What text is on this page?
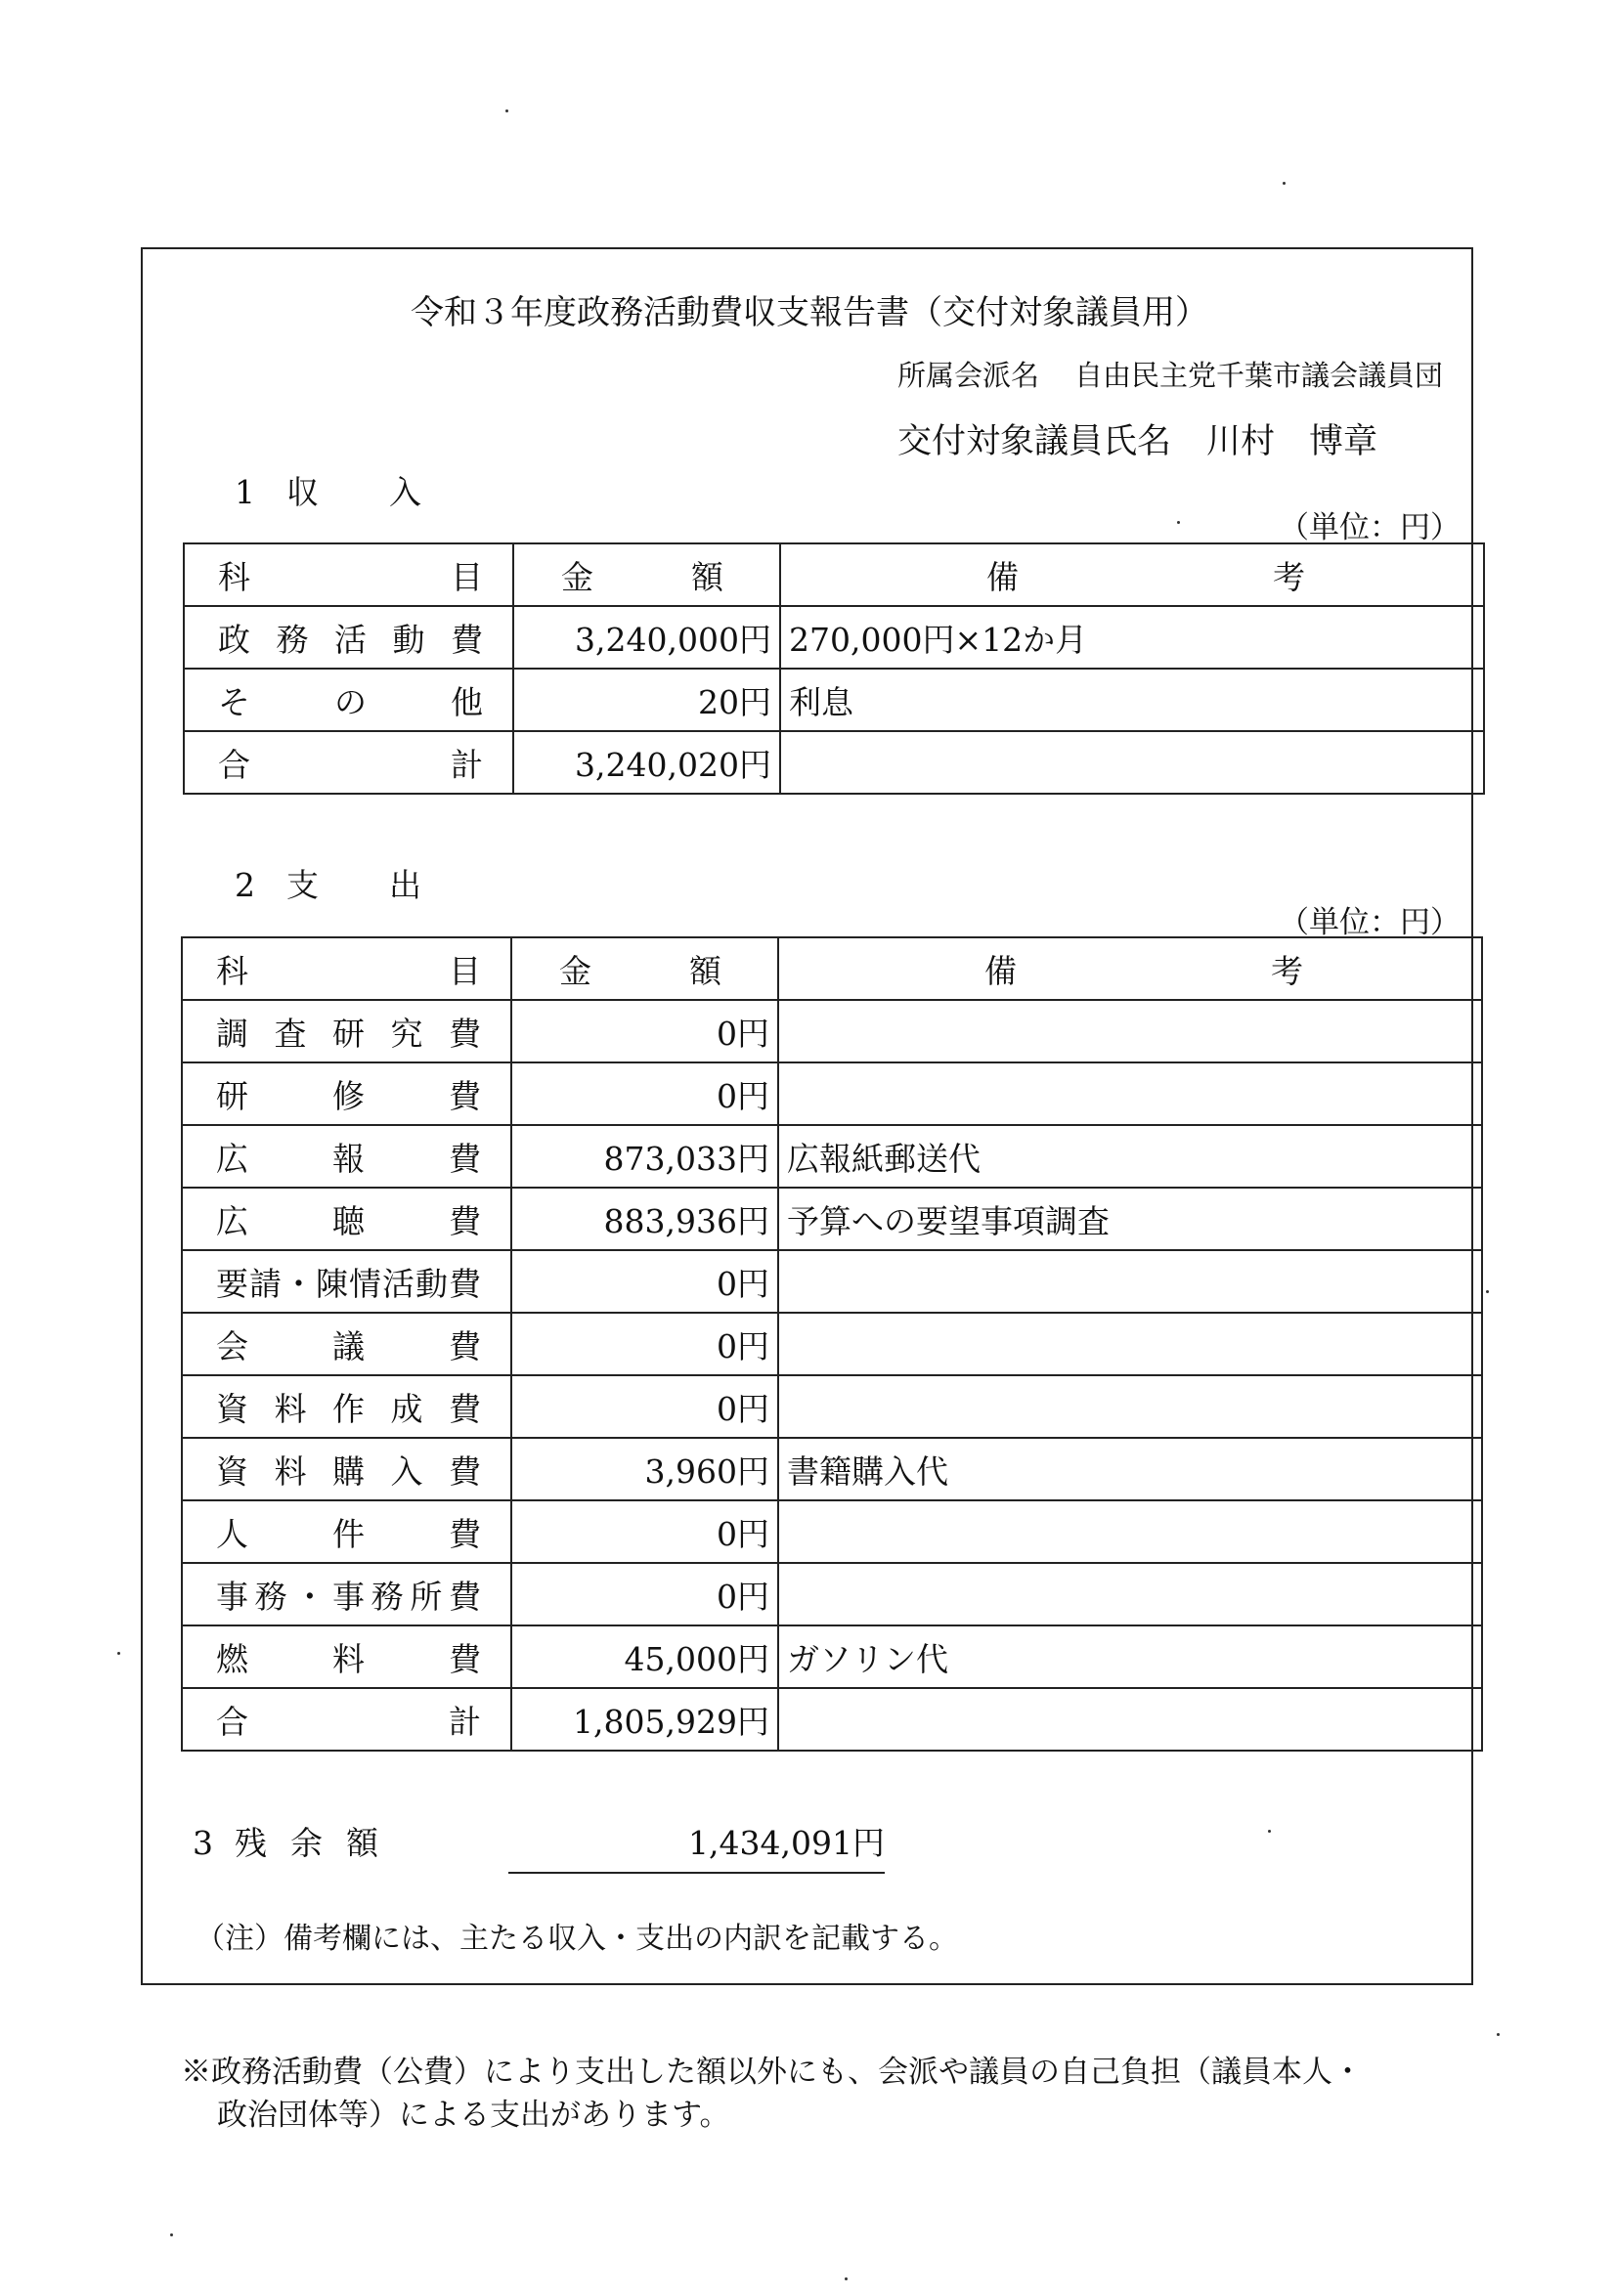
令和３年度政務活動費収支報告書（交付対象議員用）
所属会派名 自由民主党千葉市議会議員団
交付対象議員氏名 川村　博章
1 収　　入
（単位：円）
科目	金 額	備 考
政務活動費	3,240,000円	270,000円×12か月
その他	20円	利息
合計	3,240,020円	
2 支　　出
（単位：円）
科目	金 額	備 考
調査研究費	0円	
研修費	0円	
広報費	873,033円	広報紙郵送代
広聴費	883,936円	予算への要望事項調査
要請・陳情活動費	0円	
会議費	0円	
資料作成費	0円	
資料購入費	3,960円	書籍購入代
人件費	0円	
事務・事務所費	0円	
燃料費	45,000円	ガソリン代
合計	1,805,929円	
3 残余額	1,434,091円
（注）備考欄には、主たる収入・支出の内訳を記載する。
※政務活動費（公費）により支出した額以外にも、会派や議員の自己負担（議員本人・
政治団体等）による支出があります。
